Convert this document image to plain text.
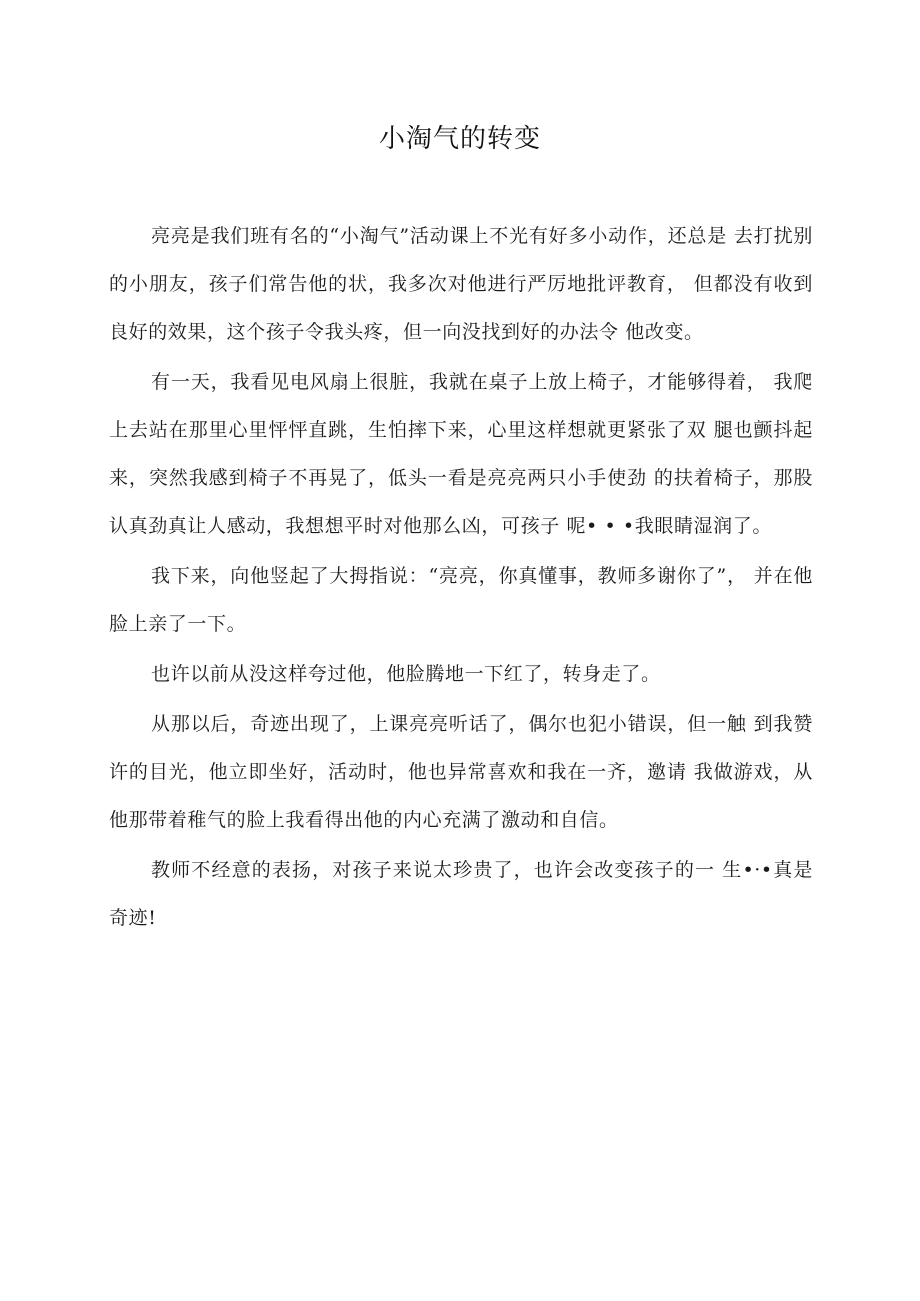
小淘气的转变

亮亮是我们班有名的“小淘气”活动课上不光有好多小动作，还总是 去打扰别的小朋友，孩子们常告他的状，我多次对他进行严厉地批评教育， 但都没有收到良好的效果，这个孩子令我头疼，但一向没找到好的办法令 他改变。

有一天，我看见电风扇上很脏，我就在桌子上放上椅子，才能够得着， 我爬上去站在那里心里怦怦直跳，生怕摔下来，心里这样想就更紧张了双 腿也颤抖起来，突然我感到椅子不再晃了，低头一看是亮亮两只小手使劲 的扶着椅子，那股认真劲真让人感动，我想想平时对他那么凶，可孩子 呢• • •我眼睛湿润了。

我下来，向他竖起了大拇指说：“亮亮，你真懂事，教师多谢你了”， 并在他脸上亲了一下。

也许以前从没这样夸过他，他脸腾地一下红了，转身走了。

从那以后，奇迹出现了，上课亮亮听话了，偶尔也犯小错误，但一触 到我赞许的目光，他立即坐好，活动时，他也异常喜欢和我在一齐，邀请 我做游戏，从他那带着稚气的脸上我看得出他的内心充满了激动和自信。

教师不经意的表扬，对孩子来说太珍贵了，也许会改变孩子的一 生•·•真是奇迹!
